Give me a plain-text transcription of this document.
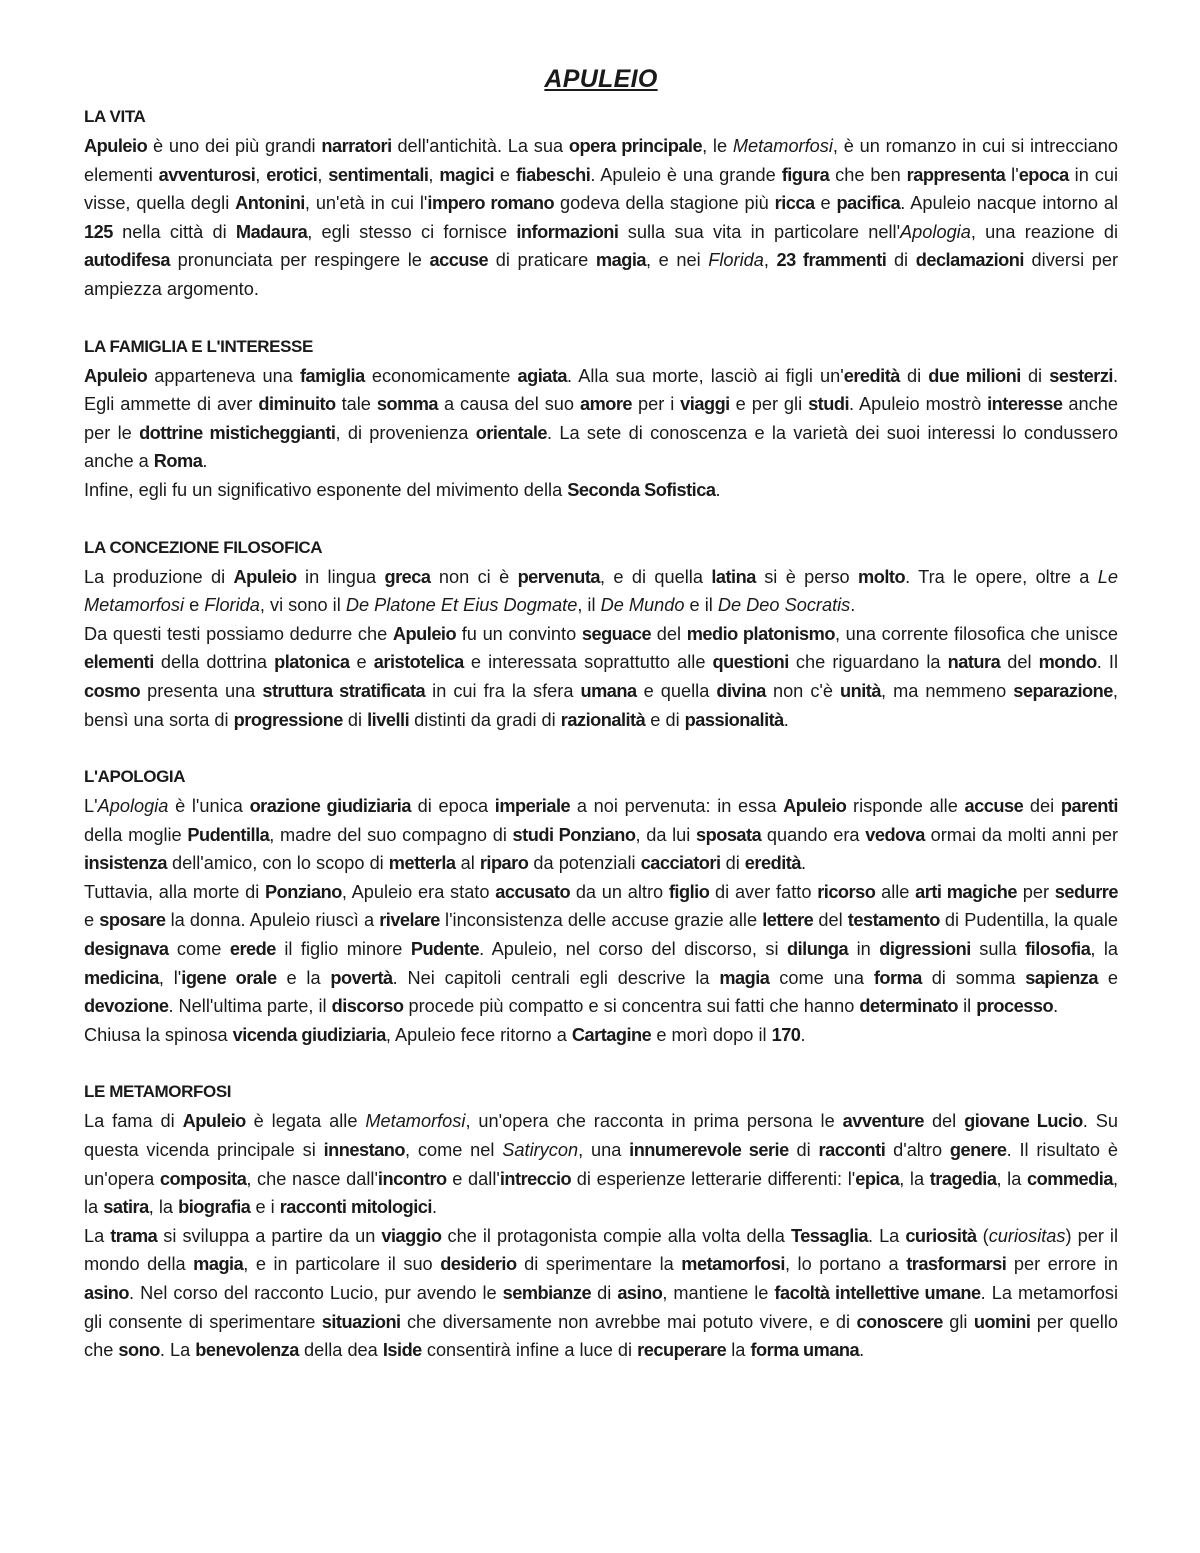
APULEIO
LA VITA

Apuleio è uno dei più grandi narratori dell'antichità. La sua opera principale, le Metamorfosi, è un romanzo in cui si intrecciano elementi avventurosi, erotici, sentimentali, magici e fiabeschi. Apuleio è una grande figura che ben rappresenta l'epoca in cui visse, quella degli Antonini, un'età in cui l'impero romano godeva della stagione più ricca e pacifica. Apuleio nacque intorno al 125 nella città di Madaura, egli stesso ci fornisce informazioni sulla sua vita in particolare nell'Apologia, una reazione di autodifesa pronunciata per respingere le accuse di praticare magia, e nei Florida, 23 frammenti di declamazioni diversi per ampiezza argomento.

LA FAMIGLIA E L'INTERESSE

Apuleio apparteneva una famiglia economicamente agiata. Alla sua morte, lasciò ai figli un'eredità di due milioni di sesterzi. Egli ammette di aver diminuito tale somma a causa del suo amore per i viaggi e per gli studi. Apuleio mostrò interesse anche per le dottrine misticheggianti, di provenienza orientale. La sete di conoscenza e la varietà dei suoi interessi lo condussero anche a Roma.

Infine, egli fu un significativo esponente del mivimento della Seconda Sofistica.

LA CONCEZIONE FILOSOFICA

La produzione di Apuleio in lingua greca non ci è pervenuta, e di quella latina si è perso molto. Tra le opere, oltre a Le Metamorfosi e Florida, vi sono il De Platone Et Eius Dogmate, il De Mundo e il De Deo Socratis.

Da questi testi possiamo dedurre che Apuleio fu un convinto seguace del medio platonismo, una corrente filosofica che unisce elementi della dottrina platonica e aristotelica e interessata soprattutto alle questioni che riguardano la natura del mondo. Il cosmo presenta una struttura stratificata in cui fra la sfera umana e quella divina non c'è unità, ma nemmeno separazione, bensì una sorta di progressione di livelli distinti da gradi di razionalità e di passionalità.

L'APOLOGIA

L'Apologia è l'unica orazione giudiziaria di epoca imperiale a noi pervenuta: in essa Apuleio risponde alle accuse dei parenti della moglie Pudentilla, madre del suo compagno di studi Ponziano, da lui sposata quando era vedova ormai da molti anni per insistenza dell'amico, con lo scopo di metterla al riparo da potenziali cacciatori di eredità.

Tuttavia, alla morte di Ponziano, Apuleio era stato accusato da un altro figlio di aver fatto ricorso alle arti magiche per sedurre e sposare la donna. Apuleio riuscì a rivelare l'inconsistenza delle accuse grazie alle lettere del testamento di Pudentilla, la quale designava come erede il figlio minore Pudente. Apuleio, nel corso del discorso, si dilunga in digressioni sulla filosofia, la medicina, l'igene orale e la povertà. Nei capitoli centrali egli descrive la magia come una forma di somma sapienza e devozione. Nell'ultima parte, il discorso procede più compatto e si concentra sui fatti che hanno determinato il processo.

Chiusa la spinosa vicenda giudiziaria, Apuleio fece ritorno a Cartagine e morì dopo il 170.

LE METAMORFOSI

La fama di Apuleio è legata alle Metamorfosi, un'opera che racconta in prima persona le avventure del giovane Lucio. Su questa vicenda principale si innestano, come nel Satirycon, una innumerevole serie di racconti d'altro genere. Il risultato è un'opera composita, che nasce dall'incontro e dall'intreccio di esperienze letterarie differenti: l'epica, la tragedia, la commedia, la satira, la biografia e i racconti mitologici.

La trama si sviluppa a partire da un viaggio che il protagonista compie alla volta della Tessaglia. La curiosità (curiositas) per il mondo della magia, e in particolare il suo desiderio di sperimentare la metamorfosi, lo portano a trasformarsi per errore in asino. Nel corso del racconto Lucio, pur avendo le sembianze di asino, mantiene le facoltà intellettive umane. La metamorfosi gli consente di sperimentare situazioni che diversamente non avrebbe mai potuto vivere, e di conoscere gli uomini per quello che sono. La benevolenza della dea Iside consentirà infine a luce di recuperare la forma umana.
